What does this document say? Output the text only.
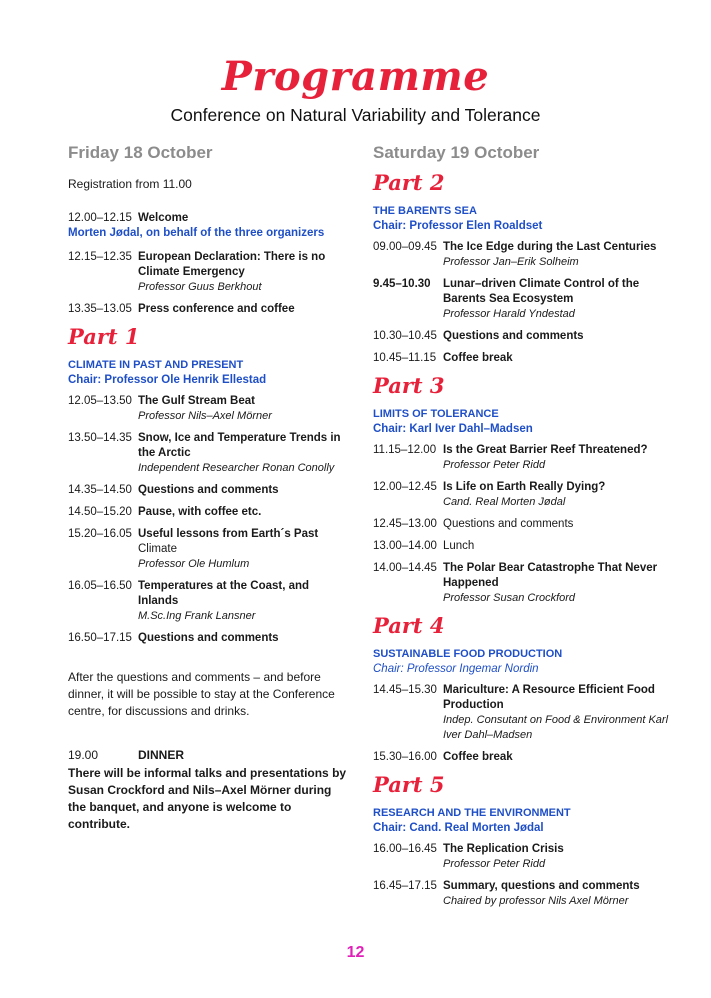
Programme
Conference on Natural Variability and Tolerance
Friday 18 October
Registration from 11.00
12.00–12.15 Welcome
Morten Jødal, on behalf of the three organizers
12.15–12.35 European Declaration: There is no Climate Emergency
Professor Guus Berkhout
13.35–13.05 Press conference and coffee
Part 1
CLIMATE IN PAST AND PRESENT
Chair: Professor Ole Henrik Ellestad
12.05–13.50 The Gulf Stream Beat
Professor Nils–Axel Mörner
13.50–14.35 Snow, Ice and Temperature Trends in the Arctic
Independent Researcher Ronan Conolly
14.35–14.50 Questions and comments
14.50–15.20 Pause, with coffee etc.
15.20–16.05 Useful lessons from Earth´s Past
Climate
Professor Ole Humlum
16.05–16.50 Temperatures at the Coast, and Inlands
M.Sc.Ing Frank Lansner
16.50–17.15 Questions and comments
After the questions and comments – and before dinner, it will be possible to stay at the Conference centre, for discussions and drinks.
19.00	DINNER
There will be informal talks and presentations by Susan Crockford and Nils–Axel Mörner during the banquet, and anyone is welcome to contribute.
Saturday 19 October
Part 2
THE BARENTS SEA
Chair: Professor Elen Roaldset
09.00–09.45 The Ice Edge during the Last Centuries
Professor Jan–Erik Solheim
9.45–10.30	Lunar–driven Climate Control of the Barents Sea Ecosystem
Professor Harald Yndestad
10.30–10.45 Questions and comments
10.45–11.15 Coffee break
Part 3
LIMITS OF TOLERANCE
Chair: Karl Iver Dahl–Madsen
11.15–12.00 Is the Great Barrier Reef Threatened?
Professor Peter Ridd
12.00–12.45 Is Life on Earth Really Dying?
Cand. Real Morten Jødal
12.45–13.00 Questions and comments
13.00–14.00 Lunch
14.00–14.45 The Polar Bear Catastrophe That Never Happened
Professor Susan Crockford
Part 4
SUSTAINABLE FOOD PRODUCTION
Chair: Professor Ingemar Nordin
14.45–15.30 Mariculture: A Resource Efficient Food Production
Indep. Consutant on Food & Environment Karl Iver Dahl–Madsen
15.30–16.00 Coffee break
Part 5
RESEARCH AND THE ENVIRONMENT
Chair: Cand. Real Morten Jødal
16.00–16.45 The Replication Crisis
Professor Peter Ridd
16.45–17.15 Summary, questions and comments
Chaired by professor Nils Axel Mörner
12
